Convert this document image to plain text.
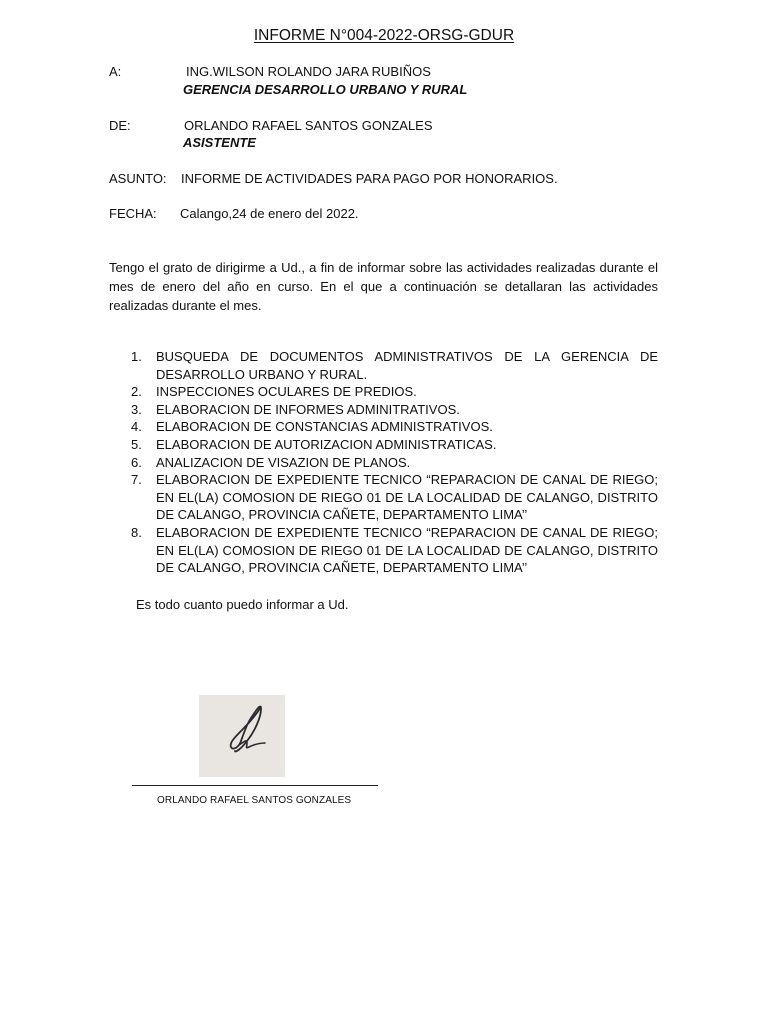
INFORME N°004-2022-ORSG-GDUR
A:	ING.WILSON ROLANDO JARA RUBIÑOS
GERENCIA DESARROLLO URBANO Y RURAL
DE:	ORLANDO RAFAEL SANTOS GONZALES
ASISTENTE
ASUNTO: INFORME DE ACTIVIDADES PARA PAGO POR HONORARIOS.
FECHA: Calango,24 de enero del 2022.

Tengo el grato de dirigirme a Ud., a fin de informar sobre las actividades realizadas durante el mes de enero del año en curso. En el que a continuación se detallaran las actividades realizadas durante el mes.

1. BUSQUEDA DE DOCUMENTOS ADMINISTRATIVOS DE LA GERENCIA DE DESARROLLO URBANO Y RURAL.
2. INSPECCIONES OCULARES DE PREDIOS.
3. ELABORACION DE INFORMES ADMINITRATIVOS.
4. ELABORACION DE CONSTANCIAS ADMINISTRATIVOS.
5. ELABORACION DE AUTORIZACION ADMINISTRATICAS.
6. ANALIZACION DE VISAZION DE PLANOS.
7. ELABORACION DE EXPEDIENTE TECNICO “REPARACION DE CANAL DE RIEGO; EN EL(LA) COMOSION DE RIEGO 01 DE LA LOCALIDAD DE CALANGO, DISTRITO DE CALANGO, PROVINCIA CAÑETE, DEPARTAMENTO LIMA’’
8. ELABORACION DE EXPEDIENTE TECNICO “REPARACION DE CANAL DE RIEGO; EN EL(LA) COMOSION DE RIEGO 01 DE LA LOCALIDAD DE CALANGO, DISTRITO DE CALANGO, PROVINCIA CAÑETE, DEPARTAMENTO LIMA’’
Es todo cuanto puedo informar a Ud.
ORLANDO RAFAEL SANTOS GONZALES
